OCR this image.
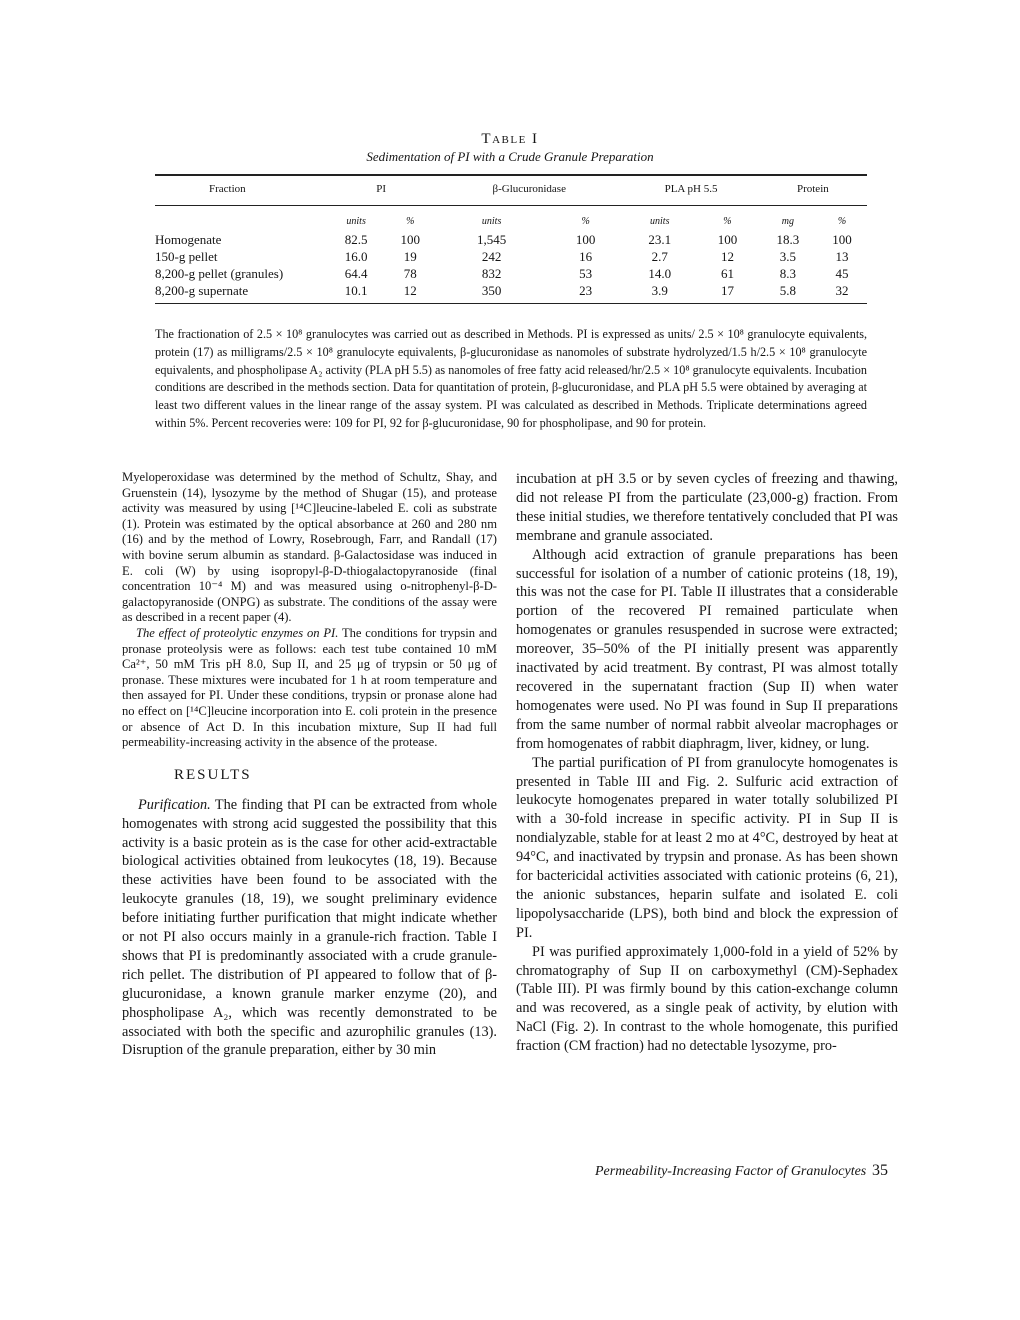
Table I
Sedimentation of PI with a Crude Granule Preparation
Fraction	PI		β-Glucuronidase		PLA pH 5.5		Protein	
	units	%	units	%	units	%	mg	%
Homogenate	82.5	100	1,545	100	23.1	100	18.3	100
150-g pellet	16.0	19	242	16	2.7	12	3.5	13
8,200-g pellet (granules)	64.4	78	832	53	14.0	61	8.3	45
8,200-g supernate	10.1	12	350	23	3.9	17	5.8	32

The fractionation of 2.5 × 10⁸ granulocytes was carried out as described in Methods. PI is expressed as units/ 2.5 × 10⁸ granulocyte equivalents, protein (17) as milligrams/2.5 × 10⁸ granulocyte equivalents, β-glucuronidase as nanomoles of substrate hydrolyzed/1.5 h/2.5 × 10⁸ granulocyte equivalents, and phospholipase A₂ activity (PLA pH 5.5) as nanomoles of free fatty acid released/hr/2.5 × 10⁸ granulocyte equivalents. Incubation conditions are described in the methods section. Data for quantitation of protein, β-glucuronidase, and PLA pH 5.5 were obtained by averaging at least two different values in the linear range of the assay system. PI was calculated as described in Methods. Triplicate determinations agreed within 5%. Percent recoveries were: 109 for PI, 92 for β-glucuronidase, 90 for phospholipase, and 90 for protein.

Myeloperoxidase was determined by the method of Schultz, Shay, and Gruenstein (14), lysozyme by the method of Shugar (15), and protease activity was measured by using [¹⁴C]leucine-labeled E. coli as substrate (1). Protein was estimated by the optical absorbance at 260 and 280 nm (16) and by the method of Lowry, Rosebrough, Farr, and Randall (17) with bovine serum albumin as standard. β-Galactosidase was induced in E. coli (W) by using isopropyl-β-D-thiogalactopyranoside (final concentration 10⁻⁴ M) and was measured using o-nitrophenyl-β-D-galactopyranoside (ONPG) as substrate. The conditions of the assay were as described in a recent paper (4).

The effect of proteolytic enzymes on PI. The conditions for trypsin and pronase proteolysis were as follows: each test tube contained 10 mM Ca²⁺, 50 mM Tris pH 8.0, Sup II, and 25 μg of trypsin or 50 μg of pronase. These mixtures were incubated for 1 h at room temperature and then assayed for PI. Under these conditions, trypsin or pronase alone had no effect on [¹⁴C]leucine incorporation into E. coli protein in the presence or absence of Act D. In this incubation mixture, Sup II had full permeability-increasing activity in the absence of the protease.

RESULTS

Purification. The finding that PI can be extracted from whole homogenates with strong acid suggested the possibility that this activity is a basic protein as is the case for other acid-extractable biological activities obtained from leukocytes (18, 19). Because these activities have been found to be associated with the leukocyte granules (18, 19), we sought preliminary evidence before initiating further purification that might indicate whether or not PI also occurs mainly in a granule-rich fraction. Table I shows that PI is predominantly associated with a crude granule-rich pellet. The distribution of PI appeared to follow that of β-glucuronidase, a known granule marker enzyme (20), and phospholipase A₂, which was recently demonstrated to be associated with both the specific and azurophilic granules (13). Disruption of the granule preparation, either by 30 min

incubation at pH 3.5 or by seven cycles of freezing and thawing, did not release PI from the particulate (23,000-g) fraction. From these initial studies, we therefore tentatively concluded that PI was membrane and granule associated.

Although acid extraction of granule preparations has been successful for isolation of a number of cationic proteins (18, 19), this was not the case for PI. Table II illustrates that a considerable portion of the recovered PI remained particulate when homogenates or granules resuspended in sucrose were extracted; moreover, 35–50% of the PI initially present was apparently inactivated by acid treatment. By contrast, PI was almost totally recovered in the supernatant fraction (Sup II) when water homogenates were used. No PI was found in Sup II preparations from the same number of normal rabbit alveolar macrophages or from homogenates of rabbit diaphragm, liver, kidney, or lung.

The partial purification of PI from granulocyte homogenates is presented in Table III and Fig. 2. Sulfuric acid extraction of leukocyte homogenates prepared in water totally solubilized PI with a 30-fold increase in specific activity. PI in Sup II is nondialyzable, stable for at least 2 mo at 4°C, destroyed by heat at 94°C, and inactivated by trypsin and pronase. As has been shown for bactericidal activities associated with cationic proteins (6, 21), the anionic substances, heparin sulfate and isolated E. coli lipopolysaccharide (LPS), both bind and block the expression of PI.

PI was purified approximately 1,000-fold in a yield of 52% by chromatography of Sup II on carboxymethyl (CM)-Sephadex (Table III). PI was firmly bound by this cation-exchange column and was recovered, as a single peak of activity, by elution with NaCl (Fig. 2). In contrast to the whole homogenate, this purified fraction (CM fraction) had no detectable lysozyme, pro-

Permeability-Increasing Factor of Granulocytes 35
